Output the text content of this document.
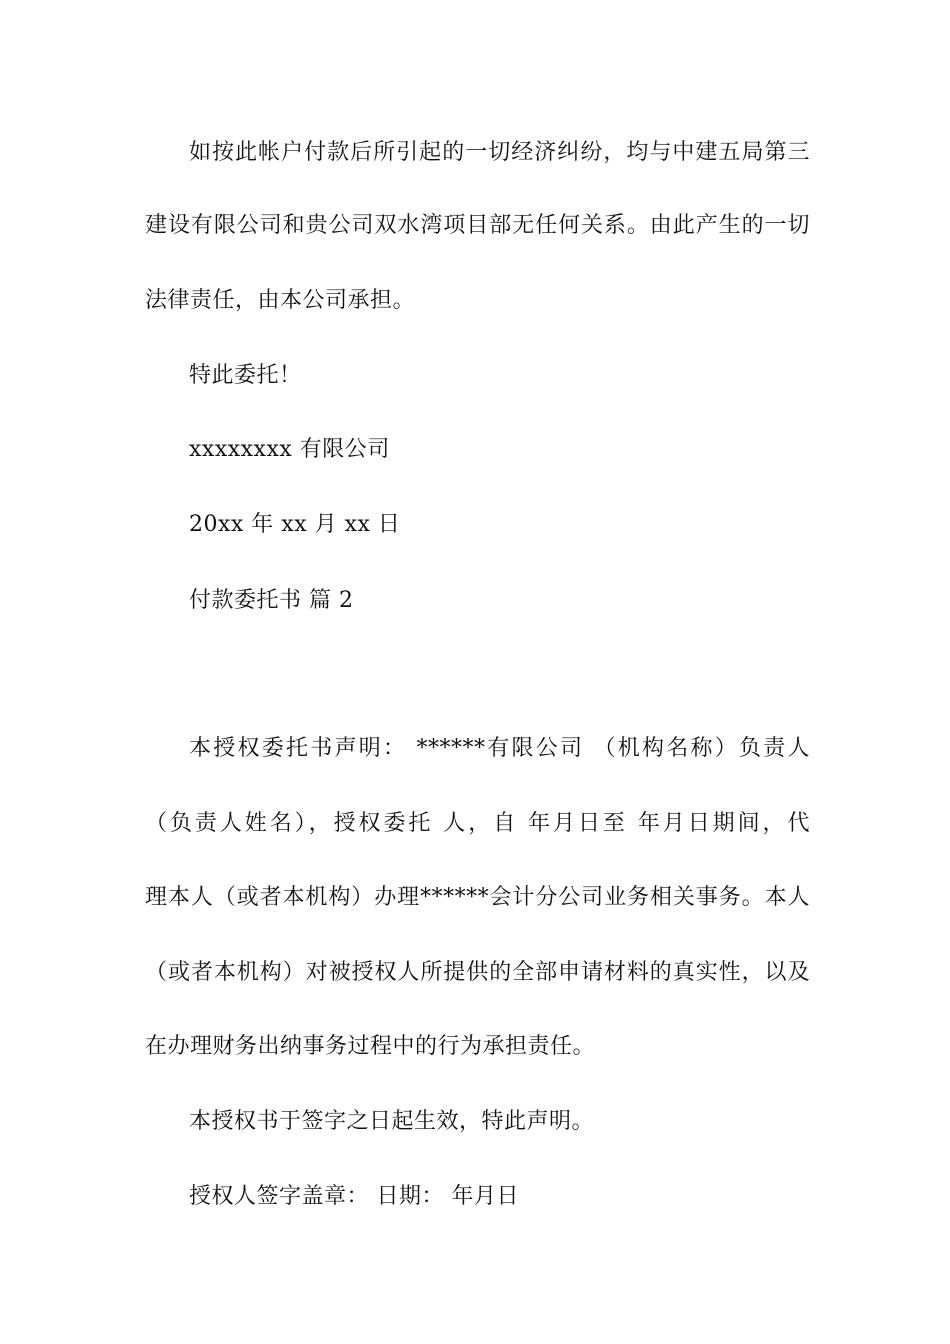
如按此帐户付款后所引起的一切经济纠纷，均与中建五局第三
建设有限公司和贵公司双水湾项目部无任何关系。由此产生的一切
法律责任，由本公司承担。
特此委托！
xxxxxxxx 有限公司
20xx 年 xx 月 xx 日
付款委托书 篇 2
本授权委托书声明： ******有限公司 （机构名称）负责人
（负责人姓名），授权委托 人，自 年月日至 年月日期间，代
理本人（或者本机构）办理******会计分公司业务相关事务。本人
（或者本机构）对被授权人所提供的全部申请材料的真实性，以及
在办理财务出纳事务过程中的行为承担责任。
本授权书于签字之日起生效，特此声明。
授权人签字盖章： 日期： 年月日
